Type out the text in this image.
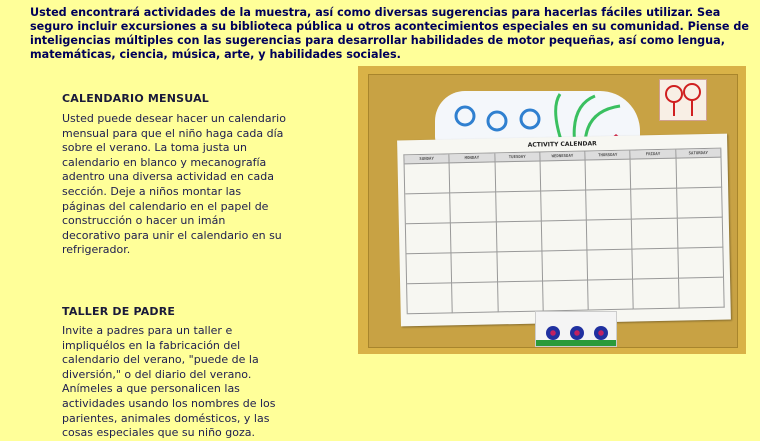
Usted encontrará actividades de la muestra, así como diversas sugerencias para hacerlas fáciles utilizar. Sea seguro incluir excursiones a su biblioteca pública u otros acontecimientos especiales en su comunidad. Piense de inteligencias múltiples con las sugerencias para desarrollar habilidades de motor pequeñas, así como lengua, matemáticas, ciencia, música, arte, y habilidades sociales.
CALENDARIO MENSUAL
Usted puede desear hacer un calendario mensual para que el niño haga cada día sobre el verano. La toma justa un calendario en blanco y mecanografía adentro una diversa actividad en cada sección. Deje a niños montar las páginas del calendario en el papel de construcción o hacer un imán decorativo para unir el calendario en su refrigerador.
TALLER DE PADRE
Invite a padres para un taller e impliquélos en la fabricación del calendario del verano, "puede de la diversión," o del diario del verano. Anímeles a que personalicen las actividades usando los nombres de los parientes, animales domésticos, y las cosas especiales que su niño goza.
ACTIVITY CALENDAR
SUNDAY	MONDAY	TUESDAY	WEDNESDAY	THURSDAY	FRIDAY	SATURDAY
